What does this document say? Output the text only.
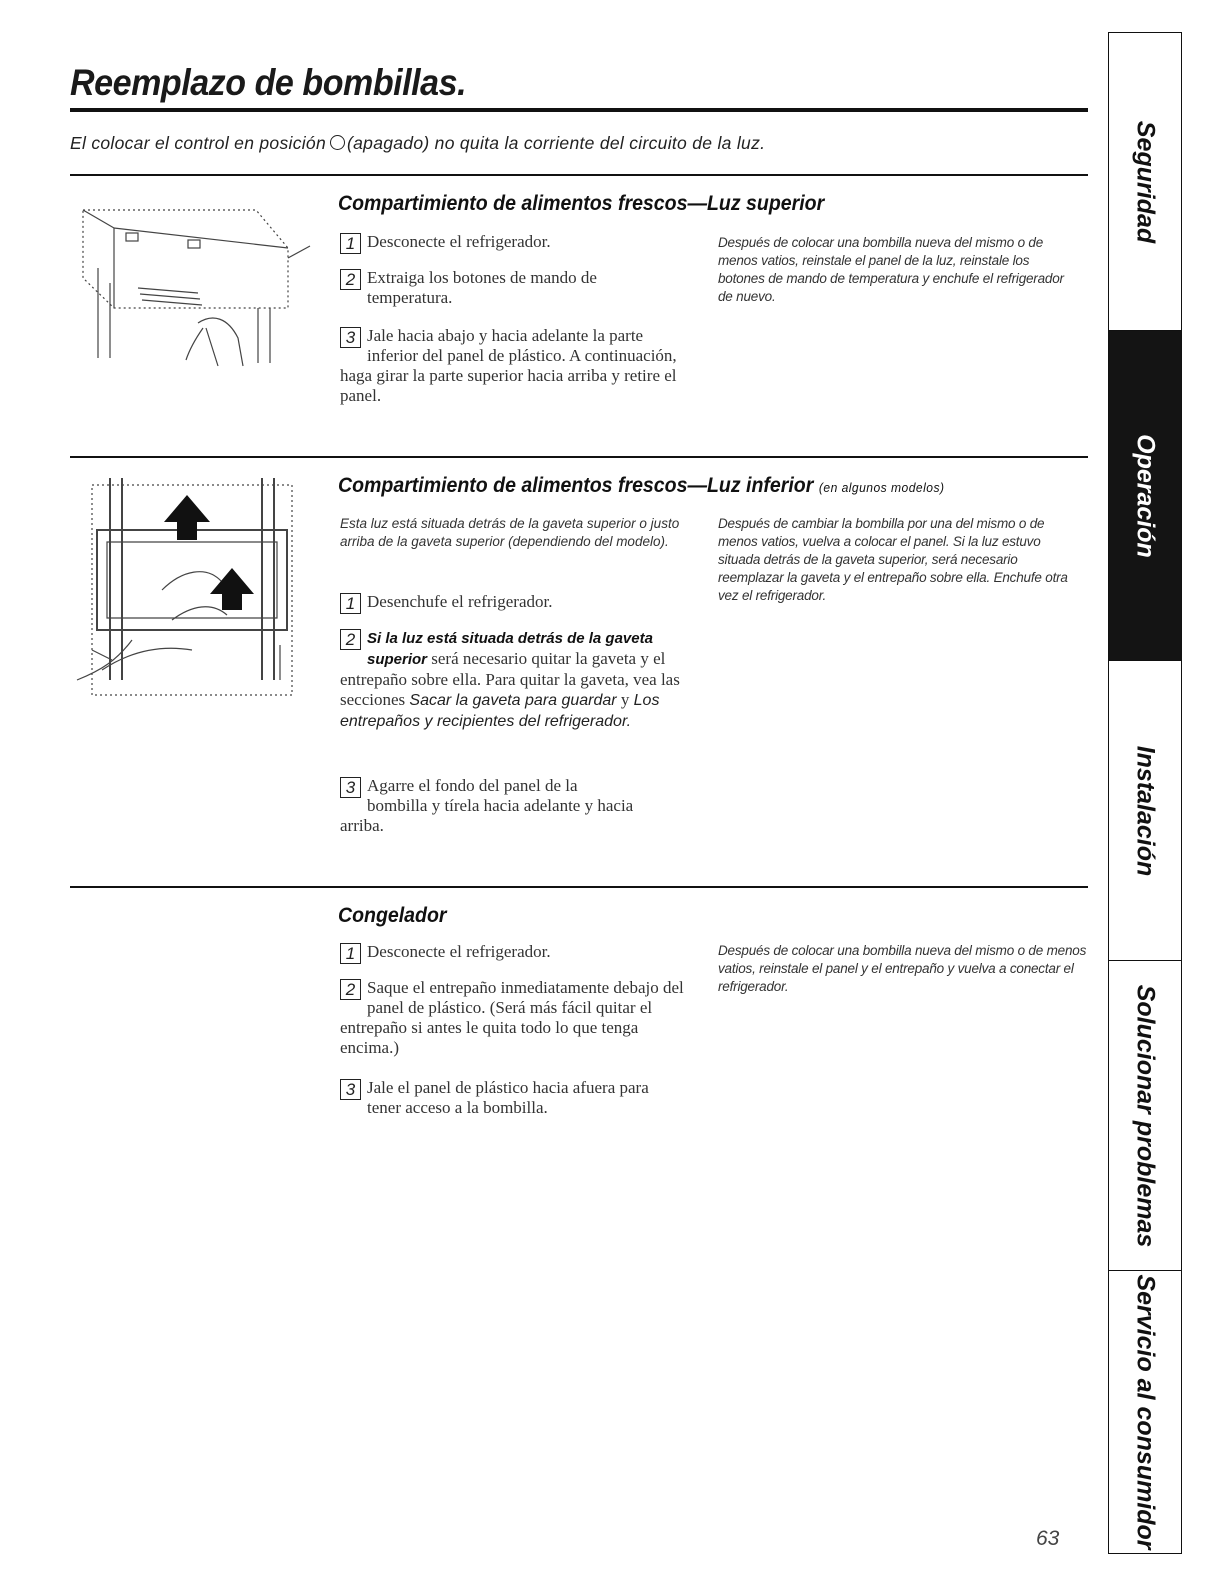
Reemplazo de bombillas.
El colocar el control en posición (apagado) no quita la corriente del circuito de la luz.
Compartimiento de alimentos frescos—Luz superior
1 Desconecte el refrigerador.
2 Extraiga los botones de mando de temperatura.
3 Jale hacia abajo y hacia adelante la parte inferior del panel de plástico. A continuación, haga girar la parte superior hacia arriba y retire el panel.
Después de colocar una bombilla nueva del mismo o de menos vatios, reinstale el panel de la luz, reinstale los botones de mando de temperatura y enchufe el refrigerador de nuevo.
Compartimiento de alimentos frescos—Luz inferior (en algunos modelos)
Esta luz está situada detrás de la gaveta superior o justo arriba de la gaveta superior (dependiendo del modelo).
1 Desenchufe el refrigerador.
2 Si la luz está situada detrás de la gaveta superior será necesario quitar la gaveta y el entrepaño sobre ella. Para quitar la gaveta, vea las secciones Sacar la gaveta para guardar y Los entrepaños y recipientes del refrigerador.
3 Agarre el fondo del panel de la bombilla y tírela hacia adelante y hacia arriba.
Después de cambiar la bombilla por una del mismo o de menos vatios, vuelva a colocar el panel. Si la luz estuvo situada detrás de la gaveta superior, será necesario reemplazar la gaveta y el entrepaño sobre ella. Enchufe otra vez el refrigerador.
Congelador
1 Desconecte el refrigerador.
2 Saque el entrepaño inmediatamente debajo del panel de plástico. (Será más fácil quitar el entrepaño si antes le quita todo lo que tenga encima.)
3 Jale el panel de plástico hacia afuera para tener acceso a la bombilla.
Después de colocar una bombilla nueva del mismo o de menos vatios, reinstale el panel y el entrepaño y vuelva a conectar el refrigerador.
Seguridad
Operación
Instalación
Solucionar problemas
Servicio al consumidor
63
